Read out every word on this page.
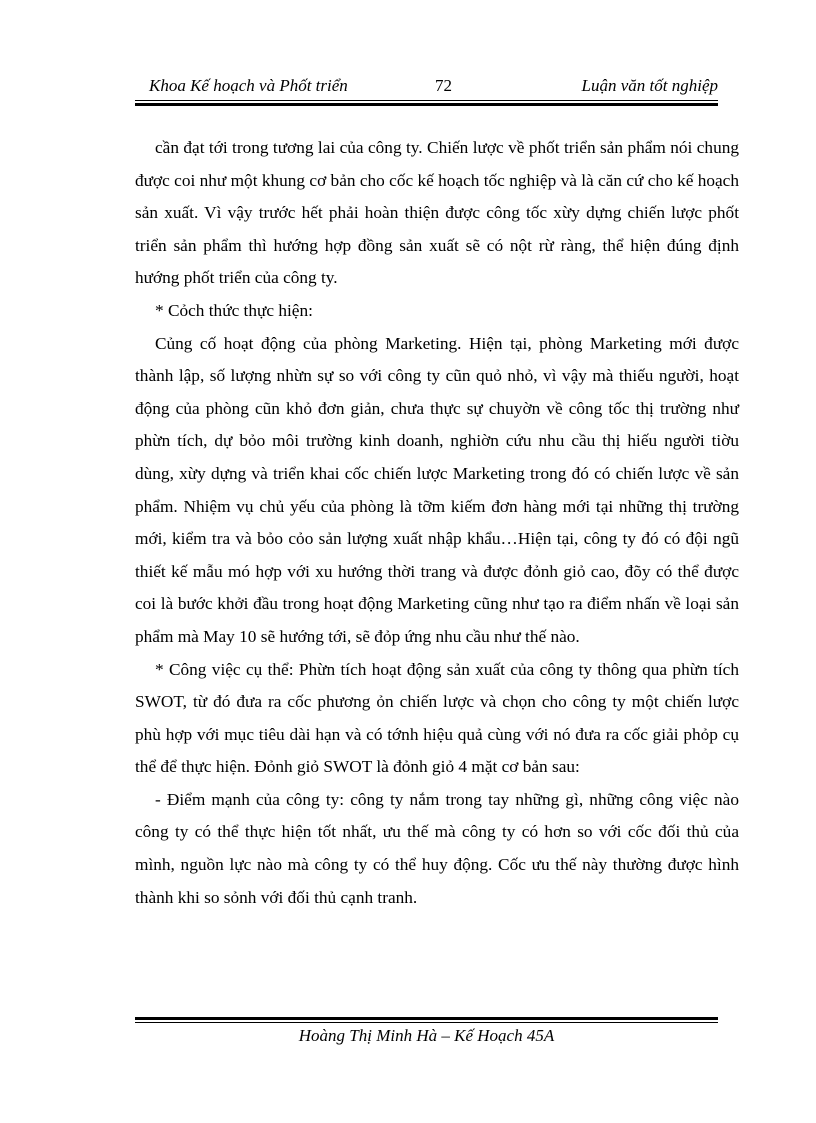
Khoa Kế hoạch và Phốt triển	72	Luận văn tốt nghiệp

cần đạt tới trong tương lai của công ty. Chiến lược về phốt triển sản phẩm nói chung được coi như một khung cơ bản cho cốc kế hoạch tốc nghiệp và là căn cứ cho kế hoạch sản xuất. Vì vậy trước hết phải hoàn thiện được công tốc xừy dựng chiến lược phốt triển sản phẩm thì hướng hợp đồng sản xuất sẽ có nột rừ ràng, thể hiện đúng định hướng phốt triển của công ty.

* Cỏch thức thực hiện:

Củng cố hoạt động của phòng Marketing. Hiện tại, phòng Marketing mới được thành lập, số lượng nhừn sự so với công ty cũn quỏ nhỏ, vì vậy mà thiếu người, hoạt động của phòng cũn khỏ đơn giản, chưa thực sự chuyờn về công tốc thị trường như phừn tích, dự bỏo môi trường kinh doanh, nghiờn cứu nhu cầu thị hiếu người tiờu dùng, xừy dựng và triển khai cốc chiến lược Marketing trong đó có chiến lược về sản phẩm. Nhiệm vụ chủ yếu của phòng là tỡm kiếm đơn hàng mới tại những thị trường mới, kiểm tra và bỏo cỏo sản lượng xuất nhập khẩu…Hiện tại, công ty đó có đội ngũ thiết kế mẫu mó hợp với xu hướng thời trang và được đỏnh giỏ cao, đõy có thể được coi là bước khởi đầu trong hoạt động Marketing cũng như tạo ra điểm nhấn về loại sản phẩm mà May 10 sẽ hướng tới, sẽ đỏp ứng nhu cầu như thế nào.

* Công việc cụ thể: Phừn tích hoạt động sản xuất của công ty thông qua phừn tích SWOT, từ đó đưa ra cốc phương ỏn chiến lược và chọn cho công ty một chiến lược phù hợp với mục tiêu dài hạn và có tớnh hiệu quả cùng với nó đưa ra cốc giải phỏp cụ thể để thực hiện. Đỏnh giỏ SWOT là đỏnh giỏ 4 mặt cơ bản sau:

- Điểm mạnh của công ty: công ty nắm trong tay những gì, những công việc nào công ty có thể thực hiện tốt nhất, ưu thế mà công ty có hơn so với cốc đối thủ của mình, nguồn lực nào mà công ty có thể huy động. Cốc ưu thế này thường được hình thành khi so sỏnh với đối thủ cạnh tranh.

Hoàng Thị Minh Hà – Kế Hoạch 45A
